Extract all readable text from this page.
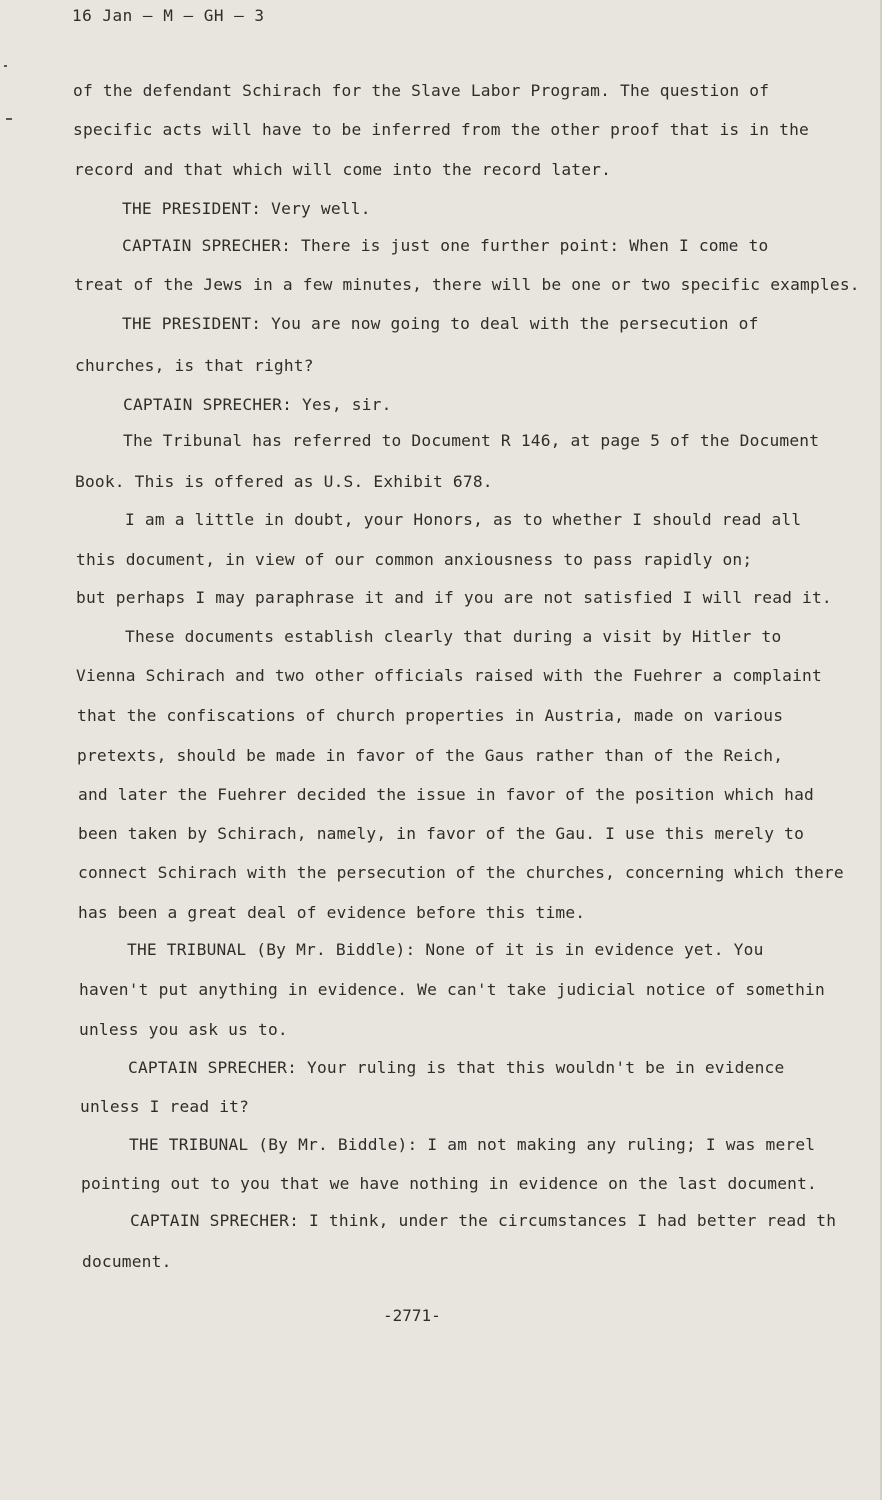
16 Jan – M – GH – 3
of the defendant Schirach for the Slave Labor Program. The question of
specific acts will have to be inferred from the other proof that is in the
record and that which will come into the record later.
THE PRESIDENT: Very well.
CAPTAIN SPRECHER: There is just one further point: When I come to
treat of the Jews in a few minutes, there will be one or two specific examples.
THE PRESIDENT: You are now going to deal with the persecution of
churches, is that right?
CAPTAIN SPRECHER: Yes, sir.
The Tribunal has referred to Document R 146, at page 5 of the Document
Book. This is offered as U.S. Exhibit 678.
I am a little in doubt, your Honors, as to whether I should read all
this document, in view of our common anxiousness to pass rapidly on;
but perhaps I may paraphrase it and if you are not satisfied I will read it.
These documents establish clearly that during a visit by Hitler to
Vienna Schirach and two other officials raised with the Fuehrer a complaint
that the confiscations of church properties in Austria, made on various
pretexts, should be made in favor of the Gaus rather than of the Reich,
and later the Fuehrer decided the issue in favor of the position which had
been taken by Schirach, namely, in favor of the Gau. I use this merely to
connect Schirach with the persecution of the churches, concerning which there
has been a great deal of evidence before this time.
THE TRIBUNAL (By Mr. Biddle): None of it is in evidence yet. You
haven't put anything in evidence. We can't take judicial notice of somethin
unless you ask us to.
CAPTAIN SPRECHER: Your ruling is that this wouldn't be in evidence
unless I read it?
THE TRIBUNAL (By Mr. Biddle): I am not making any ruling; I was merel
pointing out to you that we have nothing in evidence on the last document.
CAPTAIN SPRECHER: I think, under the circumstances I had better read th
document.
-2771-
